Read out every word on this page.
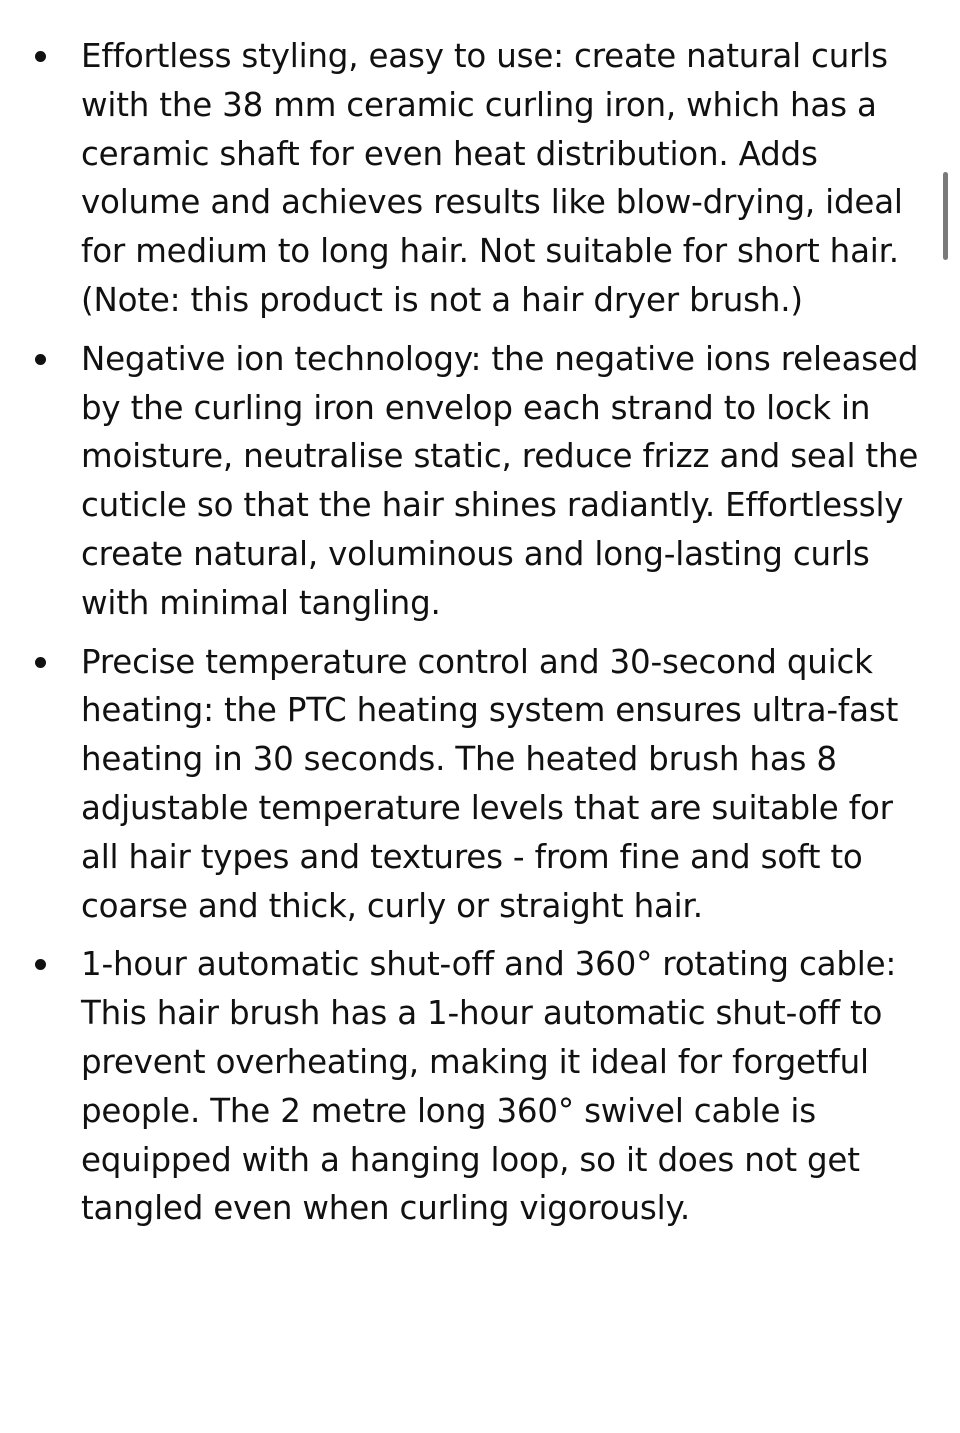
Effortless styling, easy to use: create natural curls with the 38 mm ceramic curling iron, which has a ceramic shaft for even heat distribution. Adds volume and achieves results like blow-drying, ideal for medium to long hair. Not suitable for short hair. (Note: this product is not a hair dryer brush.)
Negative ion technology: the negative ions released by the curling iron envelop each strand to lock in moisture, neutralise static, reduce frizz and seal the cuticle so that the hair shines radiantly. Effortlessly create natural, voluminous and long-lasting curls with minimal tangling.
Precise temperature control and 30-second quick heating: the PTC heating system ensures ultra-fast heating in 30 seconds. The heated brush has 8 adjustable temperature levels that are suitable for all hair types and textures - from fine and soft to coarse and thick, curly or straight hair.
1-hour automatic shut-off and 360° rotating cable: This hair brush has a 1-hour automatic shut-off to prevent overheating, making it ideal for forgetful people. The 2 metre long 360° swivel cable is equipped with a hanging loop, so it does not get tangled even when curling vigorously.
